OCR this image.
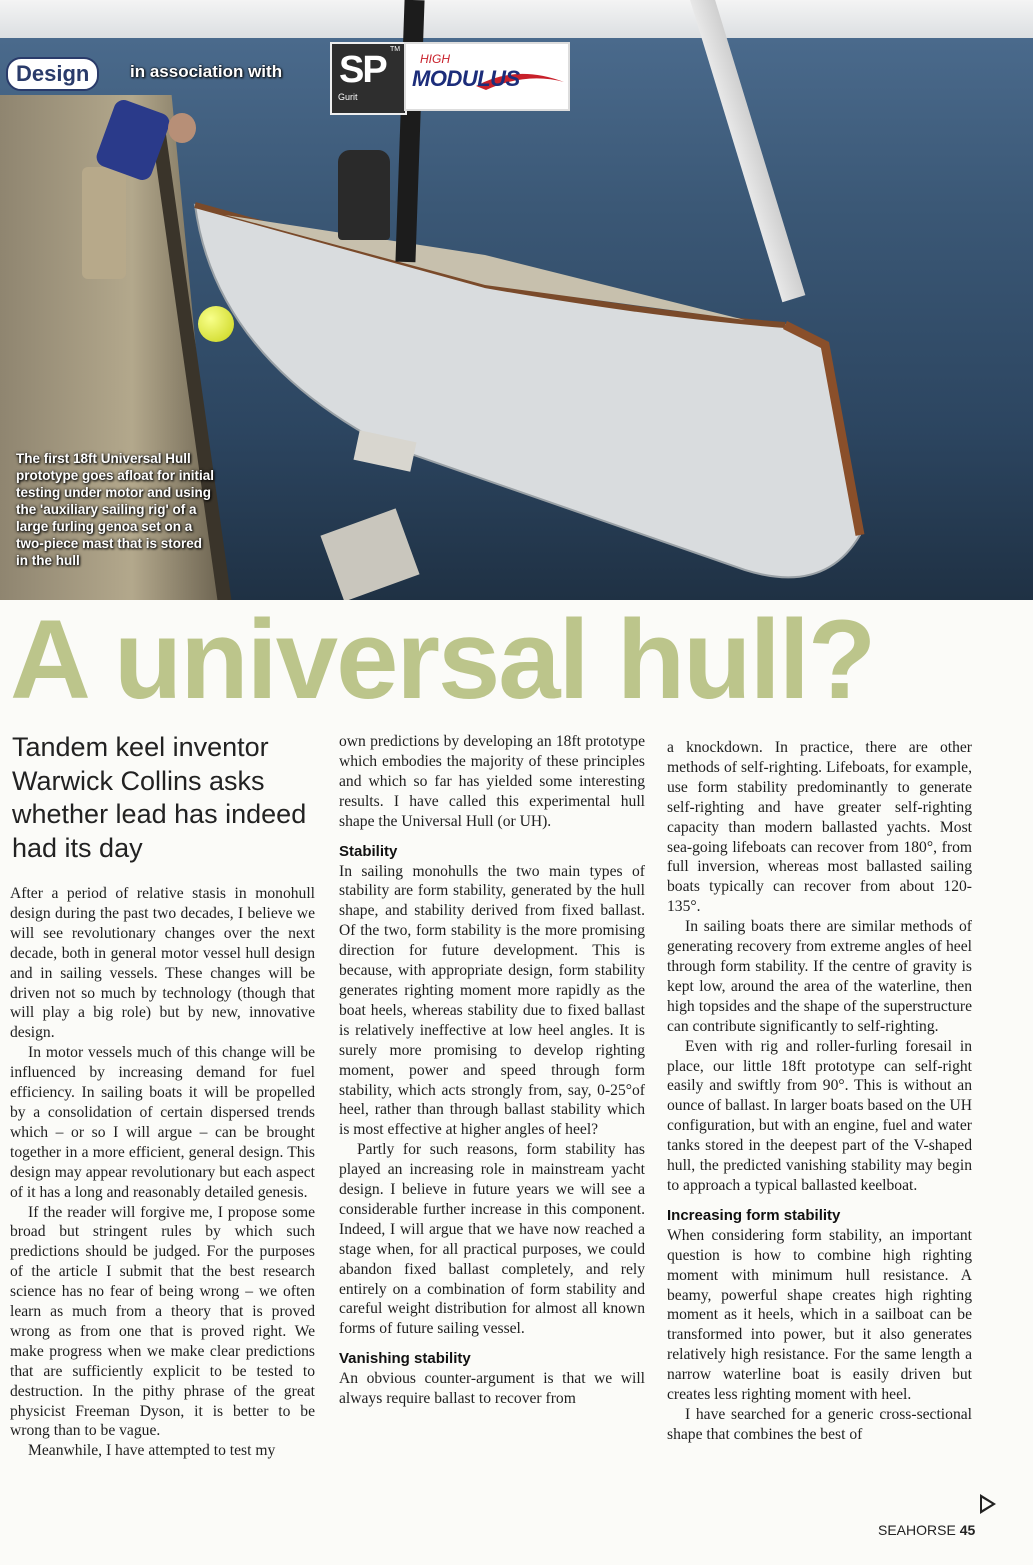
The first 18ft Universal Hull prototype goes afloat for initial testing under motor and using the 'auxiliary sailing rig' of a large furling genoa set on a two-piece mast that is stored in the hull
Design	in association with
TM
SP
Gurit
HIGH
MODULUS
A universal hull?
Tandem keel inventor Warwick Collins asks whether lead has indeed had its day

After a period of relative stasis in monohull design during the past two decades, I believe we will see revolutionary changes over the next decade, both in general motor vessel hull design and in sailing vessels. These changes will be driven not so much by technology (though that will play a big role) but by new, innovative design.

In motor vessels much of this change will be influenced by increasing demand for fuel efficiency. In sailing boats it will be propelled by a consolidation of certain dispersed trends which – or so I will argue – can be brought together in a more efficient, general design. This design may appear revolutionary but each aspect of it has a long and reasonably detailed genesis.

If the reader will forgive me, I propose some broad but stringent rules by which such predictions should be judged. For the purposes of the article I submit that the best research science has no fear of being wrong – we often learn as much from a theory that is proved wrong as from one that is proved right. We make progress when we make clear predictions that are sufficiently explicit to be tested to destruction. In the pithy phrase of the great physicist Freeman Dyson, it is better to be wrong than to be vague.

Meanwhile, I have attempted to test my

own predictions by developing an 18ft prototype which embodies the majority of these principles and which so far has yielded some interesting results. I have called this experimental hull shape the Universal Hull (or UH).

Stability

In sailing monohulls the two main types of stability are form stability, generated by the hull shape, and stability derived from fixed ballast. Of the two, form stability is the more promising direction for future development. This is because, with appropriate design, form stability generates righting moment more rapidly as the boat heels, whereas stability due to fixed ballast is relatively ineffective at low heel angles. It is surely more promising to develop righting moment, power and speed through form stability, which acts strongly from, say, 0-25°of heel, rather than through ballast stability which is most effective at higher angles of heel?

Partly for such reasons, form stability has played an increasing role in mainstream yacht design. I believe in future years we will see a considerable further increase in this component. Indeed, I will argue that we have now reached a stage when, for all practical purposes, we could abandon fixed ballast completely, and rely entirely on a combination of form stability and careful weight distribution for almost all known forms of future sailing vessel.

Vanishing stability

An obvious counter-argument is that we will always require ballast to recover from

a knockdown. In practice, there are other methods of self-righting. Lifeboats, for example, use form stability predominantly to generate self-righting and have greater self-righting capacity than modern ballasted yachts. Most sea-going lifeboats can recover from 180°, from full inversion, whereas most ballasted sailing boats typically can recover from about 120-135°.

In sailing boats there are similar methods of generating recovery from extreme angles of heel through form stability. If the centre of gravity is kept low, around the area of the waterline, then high topsides and the shape of the superstructure can contribute significantly to self-righting.

Even with rig and roller-furling foresail in place, our little 18ft prototype can self-right easily and swiftly from 90°. This is without an ounce of ballast. In larger boats based on the UH configuration, but with an engine, fuel and water tanks stored in the deepest part of the V-shaped hull, the predicted vanishing stability may begin to approach a typical ballasted keelboat.

Increasing form stability

When considering form stability, an important question is how to combine high righting moment with minimum hull resistance. A beamy, powerful shape creates high righting moment as it heels, which in a sailboat can be transformed into power, but it also generates relatively high resistance. For the same length a narrow waterline boat is easily driven but creates less righting moment with heel.

I have searched for a generic cross-sectional shape that combines the best of

SEAHORSE 45
